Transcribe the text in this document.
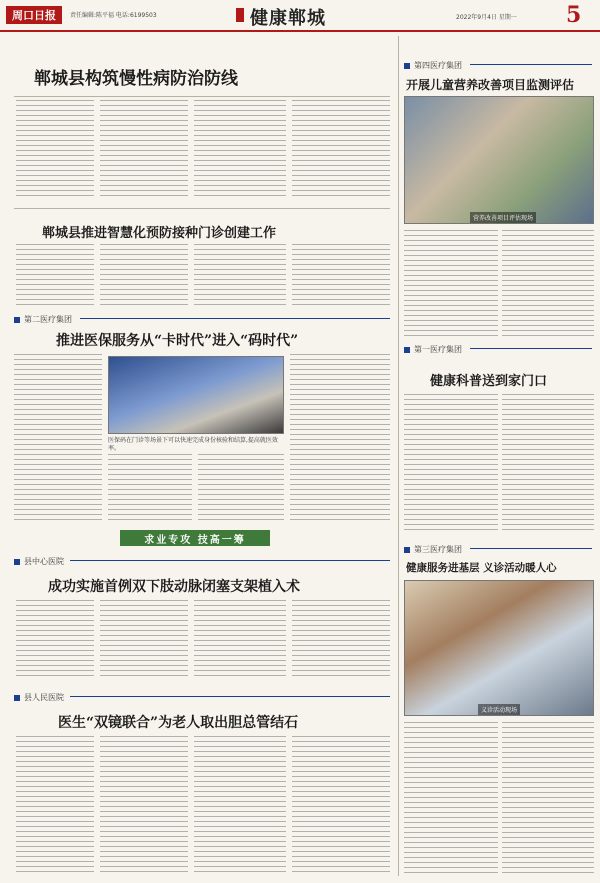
周口日报	责任编辑:陈平福 电话:6199503	健康郸城	2022年9月4日 星期一 5
郸城县构筑慢性病防治防线
郸城县推进智慧化预防接种门诊创建工作
第二医疗集团
推进医保服务从“卡时代”进入“码时代”
医保码在门诊等场景下可以快速完成身份核验和结算,提高就医效率。
求业专攻 技高一筹
县中心医院
成功实施首例双下肢动脉闭塞支架植入术
县人民医院
医生“双镜联合”为老人取出胆总管结石
第四医疗集团
开展儿童营养改善项目监测评估
营养改善项目评估现场
第一医疗集团
健康科普送到家门口
第三医疗集团
健康服务进基层 义诊活动暖人心
义诊活动现场
